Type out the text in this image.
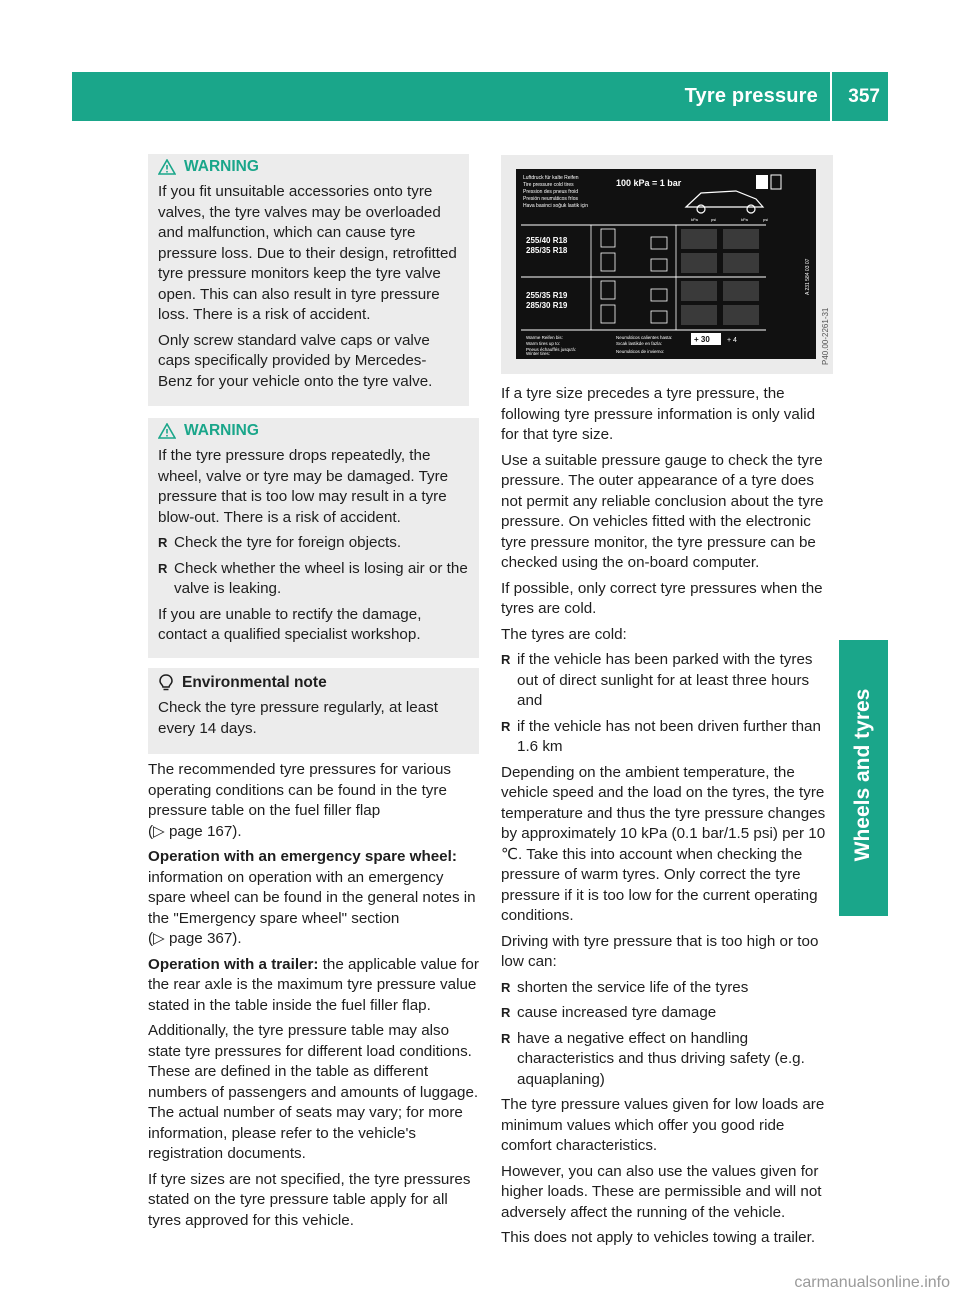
Tyre pressure 357
Wheels and tyres
WARNING

If you fit unsuitable accessories onto tyre valves, the tyre valves may be overloaded and malfunction, which can cause tyre pressure loss. Due to their design, retrofitted tyre pressure monitors keep the tyre valve open. This can also result in tyre pressure loss. There is a risk of accident.

Only screw standard valve caps or valve caps specifically provided by Mercedes-Benz for your vehicle onto the tyre valve.

WARNING

If the tyre pressure drops repeatedly, the wheel, valve or tyre may be damaged. Tyre pressure that is too low may result in a tyre blow-out. There is a risk of accident.

R Check the tyre for foreign objects.
R Check whether the wheel is losing air or the valve is leaking.

If you are unable to rectify the damage, contact a qualified specialist workshop.

Environmental note

Check the tyre pressure regularly, at least every 14 days.

The recommended tyre pressures for various operating conditions can be found in the tyre pressure table on the fuel filler flap

(▷ page 167).

Operation with an emergency spare wheel:
information on operation with an emergency spare wheel can be found in the general notes in the "Emergency spare wheel" section

(▷ page 367).

Operation with a trailer: the applicable value for the rear axle is the maximum tyre pressure value stated in the table inside the fuel filler flap.

Additionally, the tyre pressure table may also state tyre pressures for different load conditions. These are defined in the table as different numbers of passengers and amounts of luggage. The actual number of seats may vary; for more information, please refer to the vehicle's registration documents.

If tyre sizes are not specified, the tyre pressures stated on the tyre pressure table apply for all tyres approved for this vehicle.

Luftdruck für kalte Reifen
Tire pressure cold tires
Pression des pneus froid
Presión neumáticos fríos
Hava basinci soğuk lastik için
100 kPa = 1 bar
kPa	psi	kPa	psi
255/40 R18
285/35 R18
255/35 R19
285/30 R19
Warme Reifen bis:
Warm tires up to:
Pneus échauffés jusqu'à:
Neumáticos calientes hasta:
Sıcak lastikde en fazla:	+ 30 + 4
Winter tires:	Neumáticos de invierno:
A 231 584 03 07
P40.00-2261-31

If a tyre size precedes a tyre pressure, the following tyre pressure information is only valid for that tyre size.

Use a suitable pressure gauge to check the tyre pressure. The outer appearance of a tyre does not permit any reliable conclusion about the tyre pressure. On vehicles fitted with the electronic tyre pressure monitor, the tyre pressure can be checked using the on-board computer.

If possible, only correct tyre pressures when the tyres are cold.

The tyres are cold:

R if the vehicle has been parked with the tyres out of direct sunlight for at least three hours and
R if the vehicle has not been driven further than 1.6 km

Depending on the ambient temperature, the vehicle speed and the load on the tyres, the tyre temperature and thus the tyre pressure changes by approximately 10 kPa (0.1 bar/1.5 psi) per 10 ℃. Take this into account when checking the pressure of warm tyres. Only correct the tyre pressure if it is too low for the current operating conditions.

Driving with tyre pressure that is too high or too low can:

R shorten the service life of the tyres
R cause increased tyre damage
R have a negative effect on handling characteristics and thus driving safety (e.g. aquaplaning)

The tyre pressure values given for low loads are minimum values which offer you good ride comfort characteristics.

However, you can also use the values given for higher loads. These are permissible and will not adversely affect the running of the vehicle.

This does not apply to vehicles towing a trailer.

carmanualsonline.info
